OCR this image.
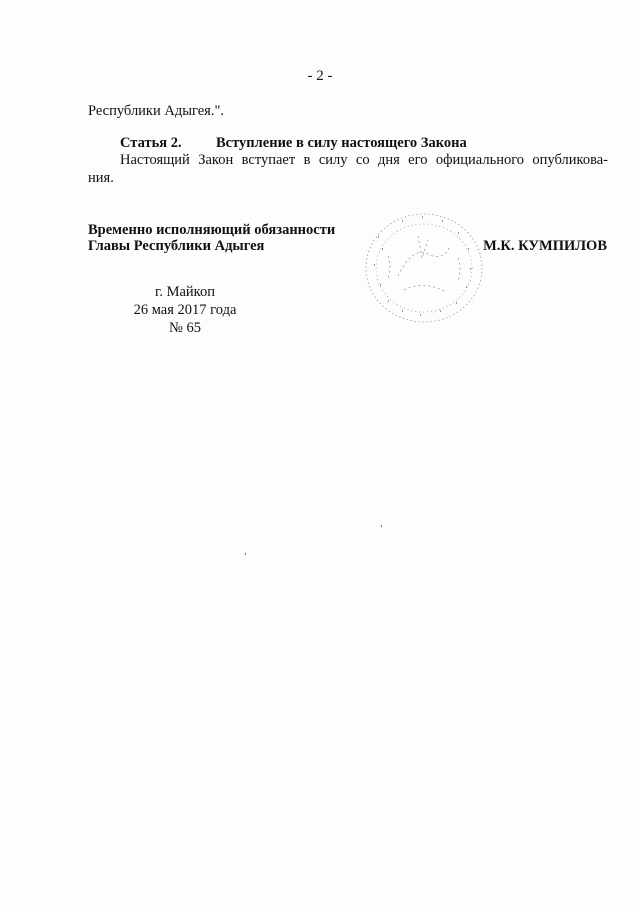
- 2 -
Республики Адыгея.".
Статья 2. Вступление в силу настоящего Закона
Настоящий Закон вступает в силу со дня его официального опубликова-
ния.
Временно исполняющий обязанности
Главы Республики Адыгея	М.К. КУМПИЛОВ
г. Майкоп
26 мая 2017 года
№ 65
